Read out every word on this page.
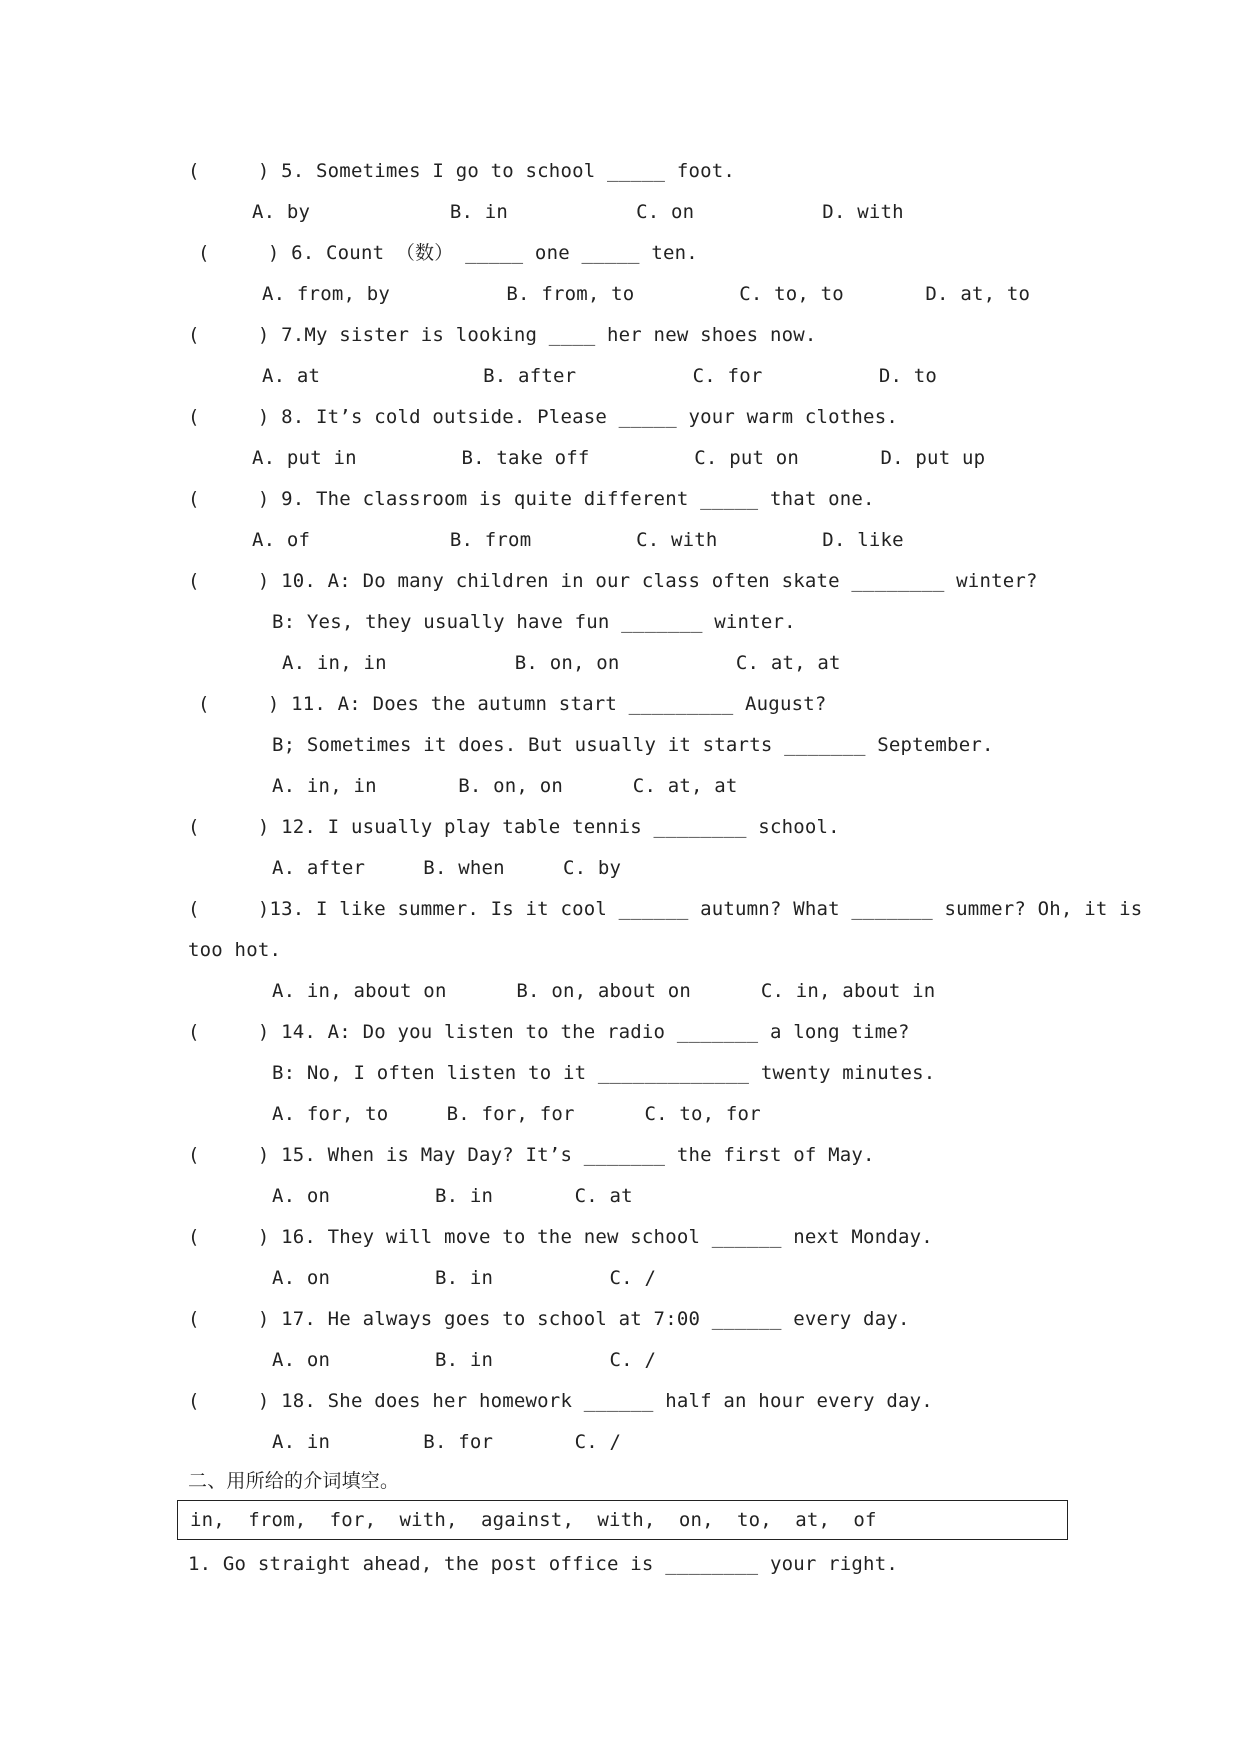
(     ) 5. Sometimes I go to school _____ foot.
A. by            B. in           C. on           D. with
(     ) 6. Count （数） _____ one _____ ten.
A. from, by          B. from, to         C. to, to       D. at, to
(     ) 7.My sister is looking ____ her new shoes now.
A. at              B. after          C. for          D. to
(     ) 8. It’s cold outside. Please _____ your warm clothes.
A. put in         B. take off         C. put on       D. put up
(     ) 9. The classroom is quite different _____ that one.
A. of            B. from         C. with         D. like
(     ) 10. A: Do many children in our class often skate ________ winter?
B: Yes, they usually have fun _______ winter.
A. in, in           B. on, on          C. at, at
(     ) 11. A: Does the autumn start _________ August?
B; Sometimes it does. But usually it starts _______ September.
A. in, in       B. on, on      C. at, at
(     ) 12. I usually play table tennis ________ school.
A. after     B. when     C. by
(     )13. I like summer. Is it cool ______ autumn? What _______ summer? Oh, it is
too hot.
A. in, about on      B. on, about on      C. in, about in
(     ) 14. A: Do you listen to the radio _______ a long time?
B: No, I often listen to it _____________ twenty minutes.
A. for, to     B. for, for      C. to, for
(     ) 15. When is May Day? It’s _______ the first of May.
A. on         B. in       C. at
(     ) 16. They will move to the new school ______ next Monday.
A. on         B. in          C. /
(     ) 17. He always goes to school at 7:00 ______ every day.
A. on         B. in          C. /
(     ) 18. She does her homework ______ half an hour every day.
A. in        B. for       C. /
二、用所给的介词填空。
in,  from,  for,  with,  against,  with,  on,  to,  at,  of
1. Go straight ahead, the post office is ________ your right.
